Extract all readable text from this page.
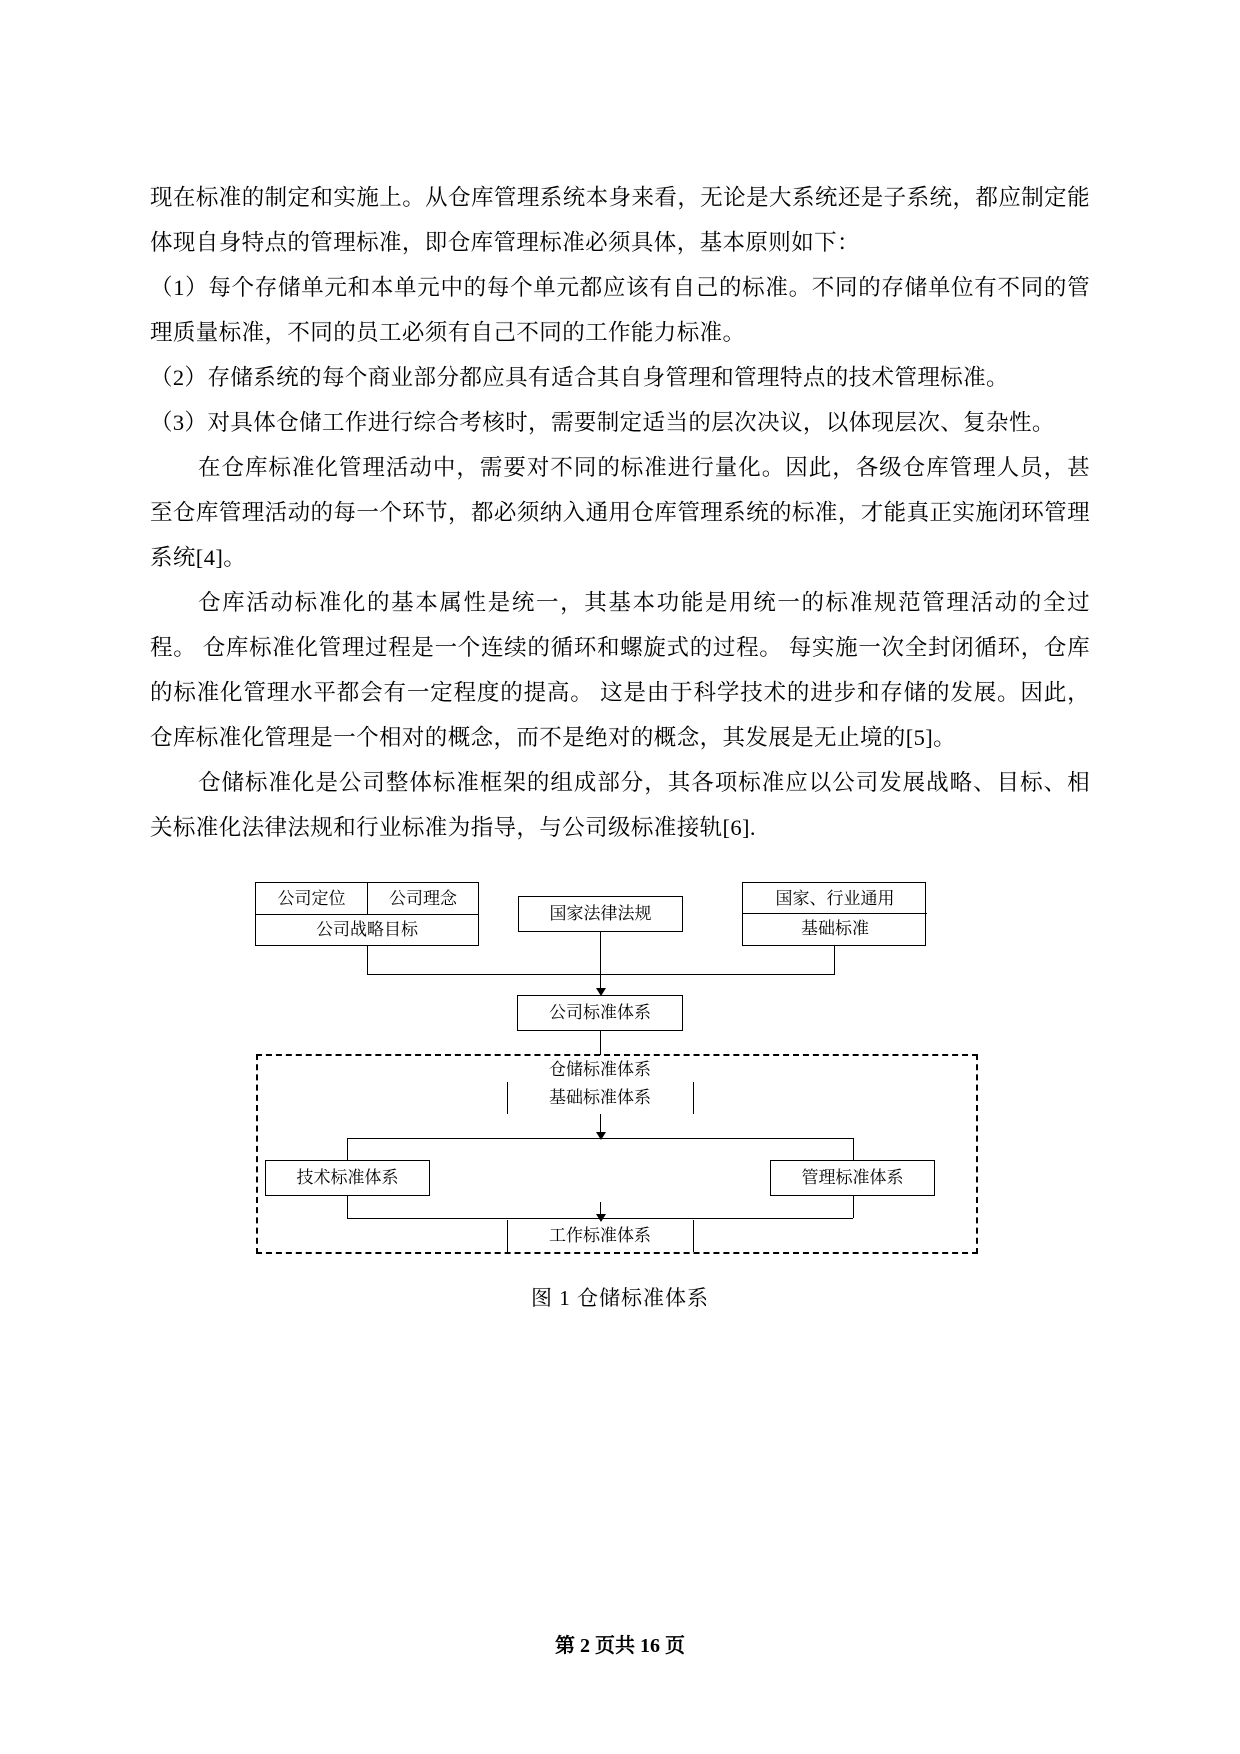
现在标准的制定和实施上。从仓库管理系统本身来看，无论是大系统还是子系统，都应制定能体现自身特点的管理标准，即仓库管理标准必须具体，基本原则如下：

（1）每个存储单元和本单元中的每个单元都应该有自己的标准。不同的存储单位有不同的管理质量标准，不同的员工必须有自己不同的工作能力标准。

（2）存储系统的每个商业部分都应具有适合其自身管理和管理特点的技术管理标准。

（3）对具体仓储工作进行综合考核时，需要制定适当的层次决议，以体现层次、复杂性。

在仓库标准化管理活动中，需要对不同的标准进行量化。因此，各级仓库管理人员，甚至仓库管理活动的每一个环节，都必须纳入通用仓库管理系统的标准，才能真正实施闭环管理系统[4]。

仓库活动标准化的基本属性是统一，其基本功能是用统一的标准规范管理活动的全过程。 仓库标准化管理过程是一个连续的循环和螺旋式的过程。 每实施一次全封闭循环，仓库的标准化管理水平都会有一定程度的提高。 这是由于科学技术的进步和存储的发展。因此，仓库标准化管理是一个相对的概念，而不是绝对的概念，其发展是无止境的[5]。

仓储标准化是公司整体标准框架的组成部分，其各项标准应以公司发展战略、目标、相关标准化法律法规和行业标准为指导，与公司级标准接轨[6].

公司定位	公司理念
公司战略目标
国家法律法规
国家、行业通用
基础标准
公司标准体系
仓储标准体系
基础标准体系
技术标准体系	管理标准体系
工作标准体系
图 1 仓储标准体系
第 2 页共 16 页
